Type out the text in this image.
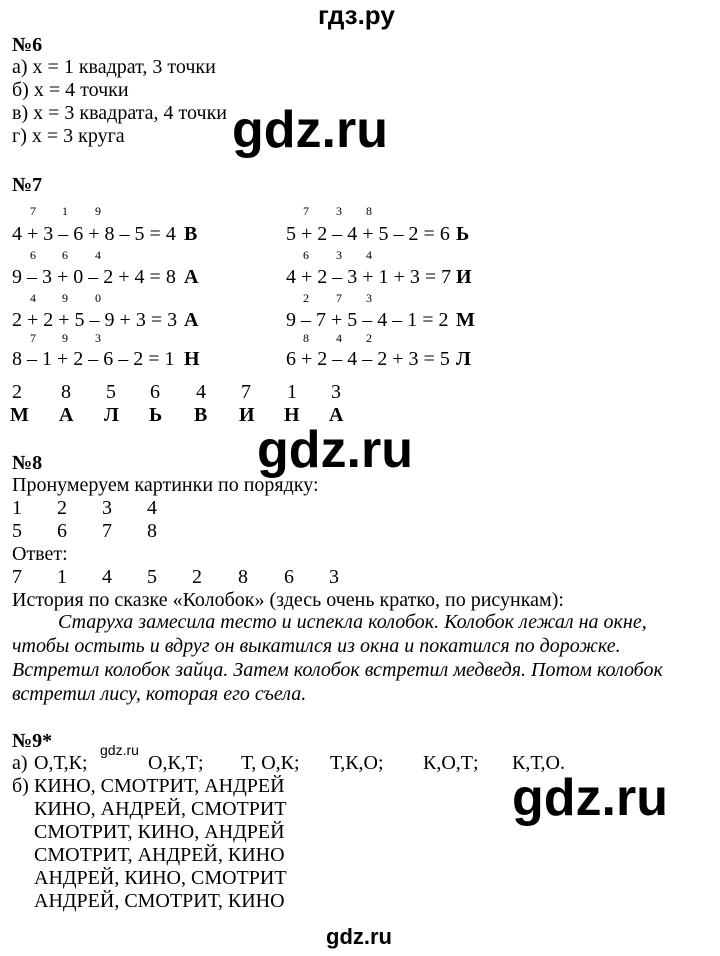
гдз.ру
№6
а) х = 1 квадрат, 3 точки
б) х = 4 точки
в) х = 3 квадрата, 4 точки
г) х = 3 круга gdz.ru
№7
7 1 9
4 + 3 – 6 + 8 – 5 = 4 В
6 6 4
9 – 3 + 0 – 2 + 4 = 8 А
4 9 0
2 + 2 + 5 – 9 + 3 = 3 А
7 9 3
8 – 1 + 2 – 6 – 2 = 1 Н
7 3 8
5 + 2 – 4 + 5 – 2 = 6 Ь
6 3 4
4 + 2 – 3 + 1 + 3 = 7 И
2 7 3
9 – 7 + 5 – 4 – 1 = 2 М
8 4 2
6 + 2 – 4 – 2 + 3 = 5 Л
2 8 5 6 4 7 1 3
М А Л Ь В И Н А
gdz.ru
№8
Пронумеруем картинки по порядку:
1 2 3 4
5 6 7 8
Ответ:
7 1 4 5 2 8 6 3
История по сказке «Колобок» (здесь очень кратко, по рисункам):
Старуха замесила тесто и испекла колобок. Колобок лежал на окне,
чтобы остыть и вдруг он выкатился из окна и покатился по дорожке.
Встретил колобок зайца. Затем колобок встретил медведя. Потом колобок
встретил лису, которая его съела.
№9*	gdz.ru
а) О,Т,К;	О,К,Т; Т, О,К; Т,К,О; К,О,Т; К,Т,О.
б) КИНО, СМОТРИТ, АНДРЕЙ
КИНО, АНДРЕЙ, СМОТРИТ
СМОТРИТ, КИНО, АНДРЕЙ
СМОТРИТ, АНДРЕЙ, КИНО
АНДРЕЙ, КИНО, СМОТРИТ
АНДРЕЙ, СМОТРИТ, КИНО
gdz.ru
gdz.ru
